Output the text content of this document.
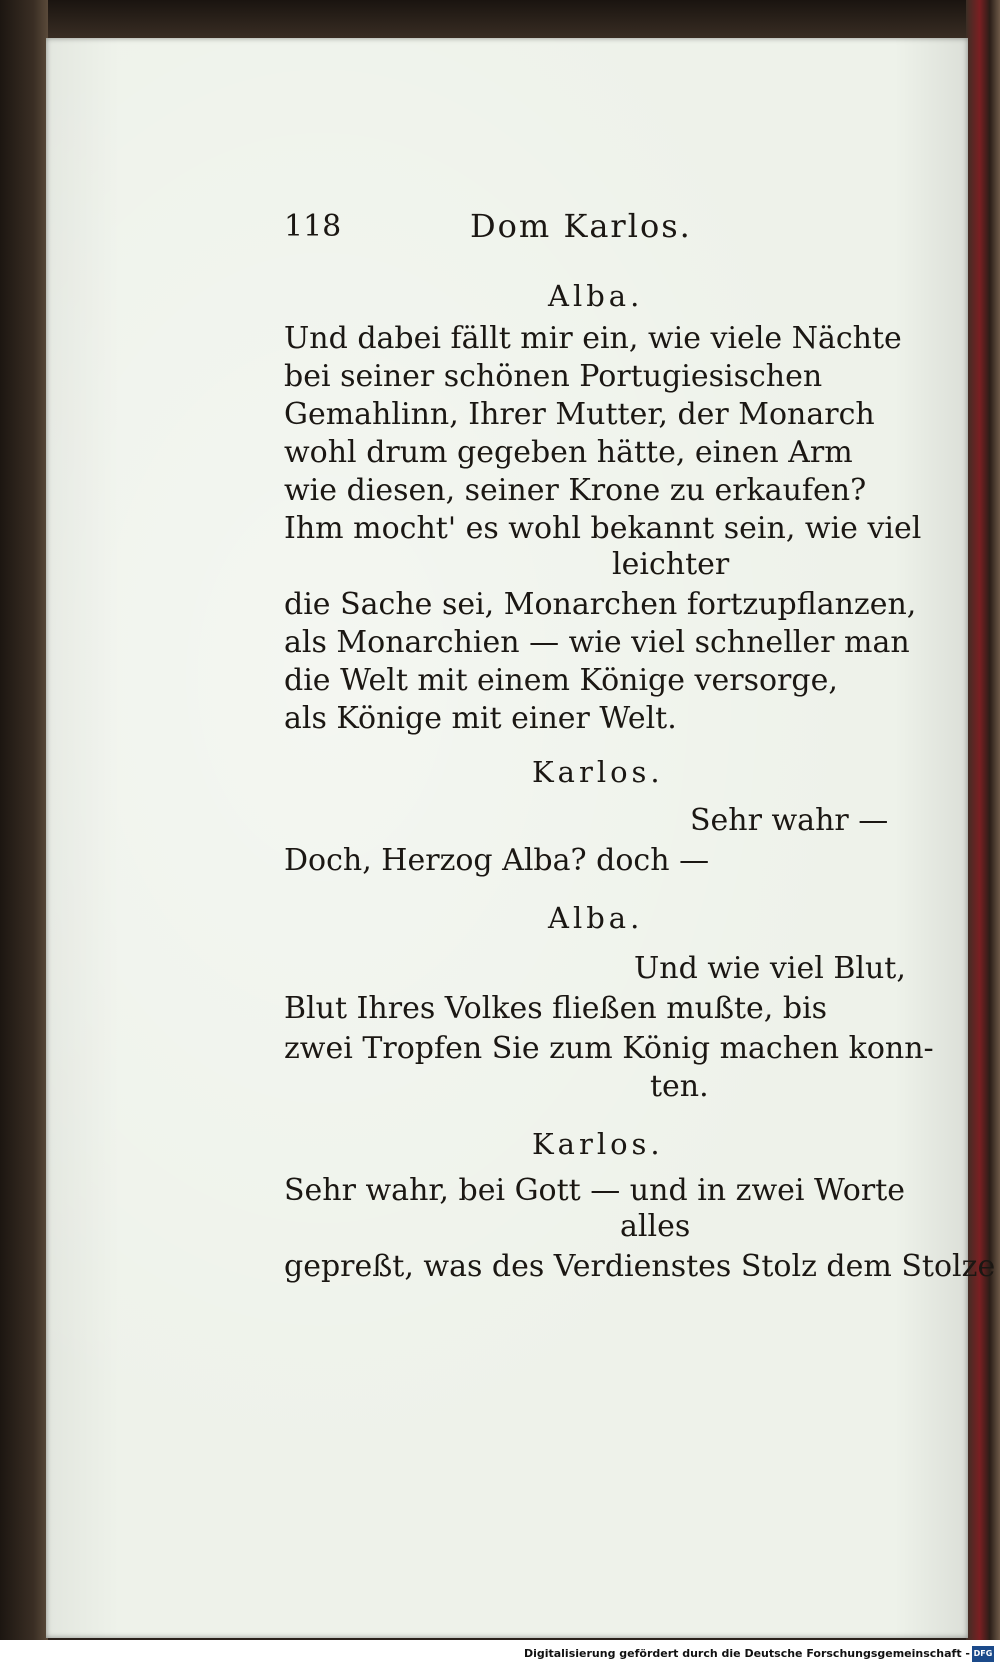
118	Dom Karlos.
Alba.
Und dabei fällt mir ein, wie viele Nächte
bei seiner schönen Portugiesischen
Gemahlinn, Ihrer Mutter, der Monarch
wohl drum gegeben hätte, einen Arm
wie diesen, seiner Krone zu erkaufen?
Ihm mocht' es wohl bekannt sein, wie viel
leichter
die Sache sei, Monarchen fortzupflanzen,
als Monarchien — wie viel schneller man
die Welt mit einem Könige versorge,
als Könige mit einer Welt.
Karlos.
Sehr wahr —
Doch, Herzog Alba? doch —
Alba.
Und wie viel Blut,
Blut Ihres Volkes fließen mußte, bis
zwei Tropfen Sie zum König machen konn-
ten.
Karlos.
Sehr wahr, bei Gott — und in zwei Worte
alles
gepreßt, was des Verdienstes Stolz dem Stolze
Digitalisierung gefördert durch die Deutsche Forschungsgemeinschaft - DFG
